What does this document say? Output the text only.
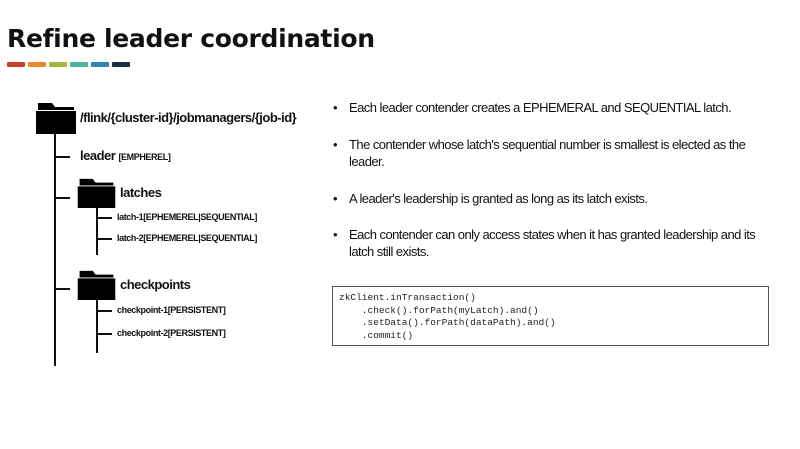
Refine leader coordination
/flink/{cluster-id}/jobmanagers/{job-id}
leader [EMPHEREL]
latches
latch-1[EPHEMEREL|SEQUENTIAL]
latch-2[EPHEMEREL|SEQUENTIAL]
checkpoints
checkpoint-1[PERSISTENT]
checkpoint-2[PERSISTENT]
• Each leader contender creates a EPHEMERAL and SEQUENTIAL latch.
• The contender whose latch's sequential number is smallest is elected as the leader.
• A leader's leadership is granted as long as its latch exists.
• Each contender can only access states when it has granted leadership and its latch still exists.
zkClient.inTransaction()
.check().forPath(myLatch).and()
.setData().forPath(dataPath).and()
.commit()
